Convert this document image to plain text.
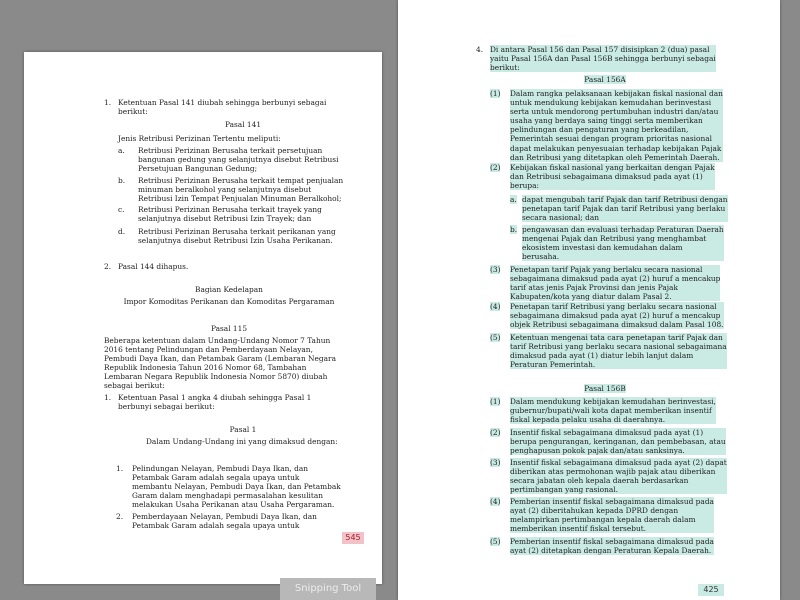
1. Ketentuan Pasal 141 diubah sehingga berbunyi sebagai
berikut:
Pasal 141
Jenis Retribusi Perizinan Tertentu meliputi:
a. Retribusi Perizinan Berusaha terkait persetujuan
bangunan gedung yang selanjutnya disebut Retribusi
Persetujuan Bangunan Gedung;
b. Retribusi Perizinan Berusaha terkait tempat penjualan
minuman beralkohol yang selanjutnya disebut
Retribusi Izin Tempat Penjualan Minuman Beralkohol;
c. Retribusi Perizinan Berusaha terkait trayek yang
selanjutnya disebut Retribusi Izin Trayek; dan
d. Retribusi Perizinan Berusaha terkait perikanan yang
selanjutnya disebut Retribusi Izin Usaha Perikanan.
2. Pasal 144 dihapus.
Bagian Kedelapan
Impor Komoditas Perikanan dan Komoditas Pergaraman
Pasal 115
Beberapa ketentuan dalam Undang-Undang Nomor 7 Tahun
2016 tentang Pelindungan dan Pemberdayaan Nelayan,
Pembudi Daya Ikan, dan Petambak Garam (Lembaran Negara
Republik Indonesia Tahun 2016 Nomor 68, Tambahan
Lembaran Negara Republik Indonesia Nomor 5870) diubah
sebagai berikut:
1. Ketentuan Pasal 1 angka 4 diubah sehingga Pasal 1
berbunyi sebagai berikut:
Pasal 1
Dalam Undang-Undang ini yang dimaksud dengan:
1. Pelindungan Nelayan, Pembudi Daya Ikan, dan
Petambak Garam adalah segala upaya untuk
membantu Nelayan, Pembudi Daya Ikan, dan Petambak
Garam dalam menghadapi permasalahan kesulitan
melakukan Usaha Perikanan atau Usaha Pergaraman.
2. Pemberdayaan Nelayan, Pembudi Daya Ikan, dan
Petambak Garam adalah segala upaya untuk
545
4. Di antara Pasal 156 dan Pasal 157 disisipkan 2 (dua) pasal
yaitu Pasal 156A dan Pasal 156B sehingga berbunyi sebagai
berikut:
Pasal 156A
(1) Dalam rangka pelaksanaan kebijakan fiskal nasional dan
untuk mendukung kebijakan kemudahan berinvestasi
serta untuk mendorong pertumbuhan industri dan/atau
usaha yang berdaya saing tinggi serta memberikan
pelindungan dan pengaturan yang berkeadilan,
Pemerintah sesuai dengan program prioritas nasional
dapat melakukan penyesuaian terhadap kebijakan Pajak
dan Retribusi yang ditetapkan oleh Pemerintah Daerah.
(2) Kebijakan fiskal nasional yang berkaitan dengan Pajak
dan Retribusi sebagaimana dimaksud pada ayat (1)
berupa:
a. dapat mengubah tarif Pajak dan tarif Retribusi dengan
penetapan tarif Pajak dan tarif Retribusi yang berlaku
secara nasional; dan
b. pengawasan dan evaluasi terhadap Peraturan Daerah
mengenai Pajak dan Retribusi yang menghambat
ekosistem investasi dan kemudahan dalam
berusaha.
(3) Penetapan tarif Pajak yang berlaku secara nasional
sebagaimana dimaksud pada ayat (2) huruf a mencakup
tarif atas jenis Pajak Provinsi dan jenis Pajak
Kabupaten/kota yang diatur dalam Pasal 2.
(4) Penetapan tarif Retribusi yang berlaku secara nasional
sebagaimana dimaksud pada ayat (2) huruf a mencakup
objek Retribusi sebagaimana dimaksud dalam Pasal 108.
(5) Ketentuan mengenai tata cara penetapan tarif Pajak dan
tarif Retribusi yang berlaku secara nasional sebagaimana
dimaksud pada ayat (1) diatur lebih lanjut dalam
Peraturan Pemerintah.
Pasal 156B
(1) Dalam mendukung kebijakan kemudahan berinvestasi,
gubernur/bupati/wali kota dapat memberikan insentif
fiskal kepada pelaku usaha di daerahnya.
(2) Insentif fiskal sebagaimana dimaksud pada ayat (1)
berupa pengurangan, keringanan, dan pembebasan, atau
penghapusan pokok pajak dan/atau sanksinya.
(3) Insentif fiskal sebagaimana dimaksud pada ayat (2) dapat
diberikan atas permohonan wajib pajak atau diberikan
secara jabatan oleh kepala daerah berdasarkan
pertimbangan yang rasional.
(4) Pemberian insentif fiskal sebagaimana dimaksud pada
ayat (2) diberitahukan kepada DPRD dengan
melampirkan pertimbangan kepala daerah dalam
memberikan insentif fiskal tersebut.
(5) Pemberian insentif fiskal sebagaimana dimaksud pada
ayat (2) ditetapkan dengan Peraturan Kepala Daerah.
425
Snipping Tool
